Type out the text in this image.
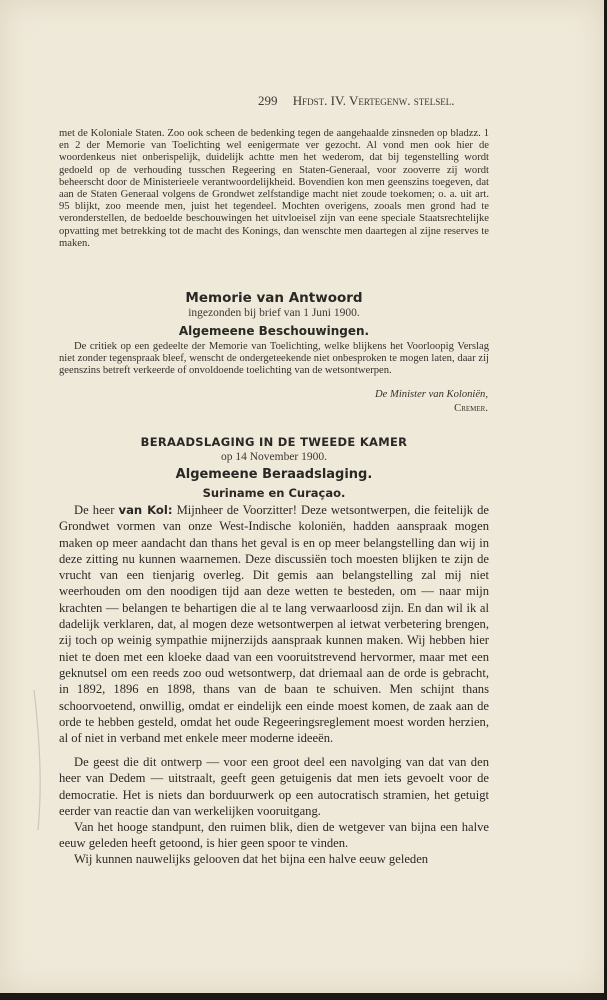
299 Hfdst. IV. Vertegenw. stelsel.

met de Koloniale Staten. Zoo ook scheen de bedenking tegen de aangehaalde zinsneden op bladzz. 1 en 2 der Memorie van Toelichting wel eenigermate ver gezocht. Al vond men ook hier de woordenkeus niet onberispelijk, duidelijk achtte men het wederom, dat bij tegenstelling wordt gedoeld op de verhouding tusschen Regeering en Staten-Generaal, voor zooverre zij wordt beheerscht door de Ministerieele verantwoordelijkheid. Bovendien kon men geenszins toegeven, dat aan de Staten Generaal volgens de Grondwet zelfstandige macht niet zoude toekomen; o. a. uit art. 95 blijkt, zoo meende men, juist het tegendeel. Mochten overigens, zooals men grond had te veronderstellen, de bedoelde beschouwingen het uitvloeisel zijn van eene speciale Staatsrechtelijke opvatting met betrekking tot de macht des Konings, dan wenschte men daartegen al zijne reserves te maken.

Memorie van Antwoord
ingezonden bij brief van 1 Juni 1900.
Algemeene Beschouwingen.

De critiek op een gedeelte der Memorie van Toelichting, welke blijkens het Voorloopig Verslag niet zonder tegenspraak bleef, wenscht de ondergeteekende niet onbesproken te mogen laten, daar zij geenszins betreft verkeerde of onvoldoende toelichting van de wetsontwerpen.

De Minister van Koloniën,
Cremer.
BERAADSLAGING IN DE TWEEDE KAMER
op 14 November 1900.
Algemeene Beraadslaging.
Suriname en Curaçao.

De heer van Kol: Mijnheer de Voorzitter! Deze wetsontwerpen, die feitelijk de Grondwet vormen van onze West-Indische koloniën, hadden aanspraak mogen maken op meer aandacht dan thans het geval is en op meer belangstelling dan wij in deze zitting nu kunnen waarnemen. Deze discussiën toch moesten blijken te zijn de vrucht van een tienjarig overleg. Dit gemis aan belangstelling zal mij niet weerhouden om den noodigen tijd aan deze wetten te besteden, om — naar mijn krachten — belangen te behartigen die al te lang verwaarloosd zijn. En dan wil ik al dadelijk verklaren, dat, al mogen deze wetsontwerpen al ietwat verbetering brengen, zij toch op weinig sympathie mijnerzijds aanspraak kunnen maken. Wij hebben hier niet te doen met een kloeke daad van een vooruitstrevend hervormer, maar met een geknutsel om een reeds zoo oud wetsontwerp, dat driemaal aan de orde is gebracht, in 1892, 1896 en 1898, thans van de baan te schuiven. Men schijnt thans schoorvoetend, onwillig, omdat er eindelijk een einde moest komen, de zaak aan de orde te hebben gesteld, omdat het oude Regeeringsreglement moest worden herzien, al of niet in verband met enkele meer moderne ideeën.

De geest die dit ontwerp — voor een groot deel een navolging van dat van den heer van Dedem — uitstraalt, geeft geen getuigenis dat men iets gevoelt voor de democratie. Het is niets dan borduurwerk op een autocratisch stramien, het getuigt eerder van reactie dan van werkelijken vooruitgang.

Van het hooge standpunt, den ruimen blik, dien de wetgever van bijna een halve eeuw geleden heeft getoond, is hier geen spoor te vinden.

Wij kunnen nauwelijks gelooven dat het bijna een halve eeuw geleden
